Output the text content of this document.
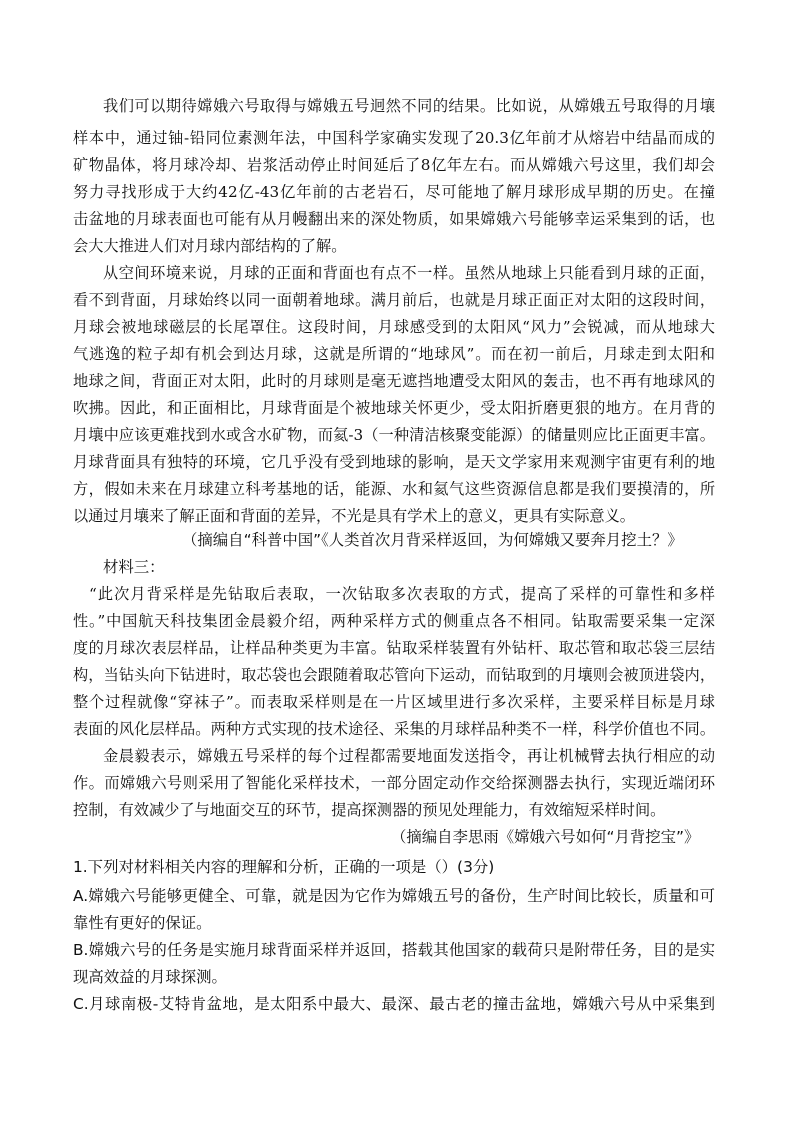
我们可以期待嫦娥六号取得与嫦娥五号迥然不同的结果。比如说，从嫦娥五号取得的月壤
样本中，通过铀-铅同位素测年法，中国科学家确实发现了20.3亿年前才从熔岩中结晶而成的
矿物晶体，将月球冷却、岩浆活动停止时间延后了8亿年左右。而从嫦娥六号这里，我们却会
努力寻找形成于大约42亿-43亿年前的古老岩石，尽可能地了解月球形成早期的历史。在撞
击盆地的月球表面也可能有从月幔翻出来的深处物质，如果嫦娥六号能够幸运采集到的话，也
会大大推进人们对月球内部结构的了解。
从空间环境来说，月球的正面和背面也有点不一样。虽然从地球上只能看到月球的正面，
看不到背面，月球始终以同一面朝着地球。满月前后，也就是月球正面正对太阳的这段时间，
月球会被地球磁层的长尾罩住。这段时间，月球感受到的太阳风“风力”会锐减，而从地球大
气逃逸的粒子却有机会到达月球，这就是所谓的“地球风”。而在初一前后，月球走到太阳和
地球之间，背面正对太阳，此时的月球则是毫无遮挡地遭受太阳风的轰击，也不再有地球风的
吹拂。因此，和正面相比，月球背面是个被地球关怀更少，受太阳折磨更狠的地方。在月背的
月壤中应该更难找到水或含水矿物，而氦-3（一种清洁核聚变能源）的储量则应比正面更丰富。
月球背面具有独特的环境，它几乎没有受到地球的影响，是天文学家用来观测宇宙更有利的地
方，假如未来在月球建立科考基地的话，能源、水和氦气这些资源信息都是我们要摸清的，所
以通过月壤来了解正面和背面的差异，不光是具有学术上的意义，更具有实际意义。
（摘编自“科普中国”《人类首次月背采样返回，为何嫦娥又要奔月挖土？》
材料三：
“此次月背采样是先钻取后表取，一次钻取多次表取的方式，提高了采样的可靠性和多样
性。”中国航天科技集团金晨毅介绍，两种采样方式的侧重点各不相同。钻取需要采集一定深
度的月球次表层样品，让样品种类更为丰富。钻取采样装置有外钻杆、取芯管和取芯袋三层结
构，当钻头向下钻进时，取芯袋也会跟随着取芯管向下运动，而钻取到的月壤则会被顶进袋内，
整个过程就像“穿袜子”。而表取采样则是在一片区域里进行多次采样，主要采样目标是月球
表面的风化层样品。两种方式实现的技术途径、采集的月球样品种类不一样，科学价值也不同。
金晨毅表示，嫦娥五号采样的每个过程都需要地面发送指令，再让机械臂去执行相应的动
作。而嫦娥六号则采用了智能化采样技术，一部分固定动作交给探测器去执行，实现近端闭环
控制，有效减少了与地面交互的环节，提高探测器的预见处理能力，有效缩短采样时间。
（摘编自李思雨《嫦娥六号如何“月背挖宝”》
1.下列对材料相关内容的理解和分析，正确的一项是（）(3分)
A.嫦娥六号能够更健全、可靠，就是因为它作为嫦娥五号的备份，生产时间比较长，质量和可
靠性有更好的保证。
B.嫦娥六号的任务是实施月球背面采样并返回，搭载其他国家的载荷只是附带任务，目的是实
现高效益的月球探测。
C.月球南极-艾特肯盆地，是太阳系中最大、最深、最古老的撞击盆地，嫦娥六号从中采集到
